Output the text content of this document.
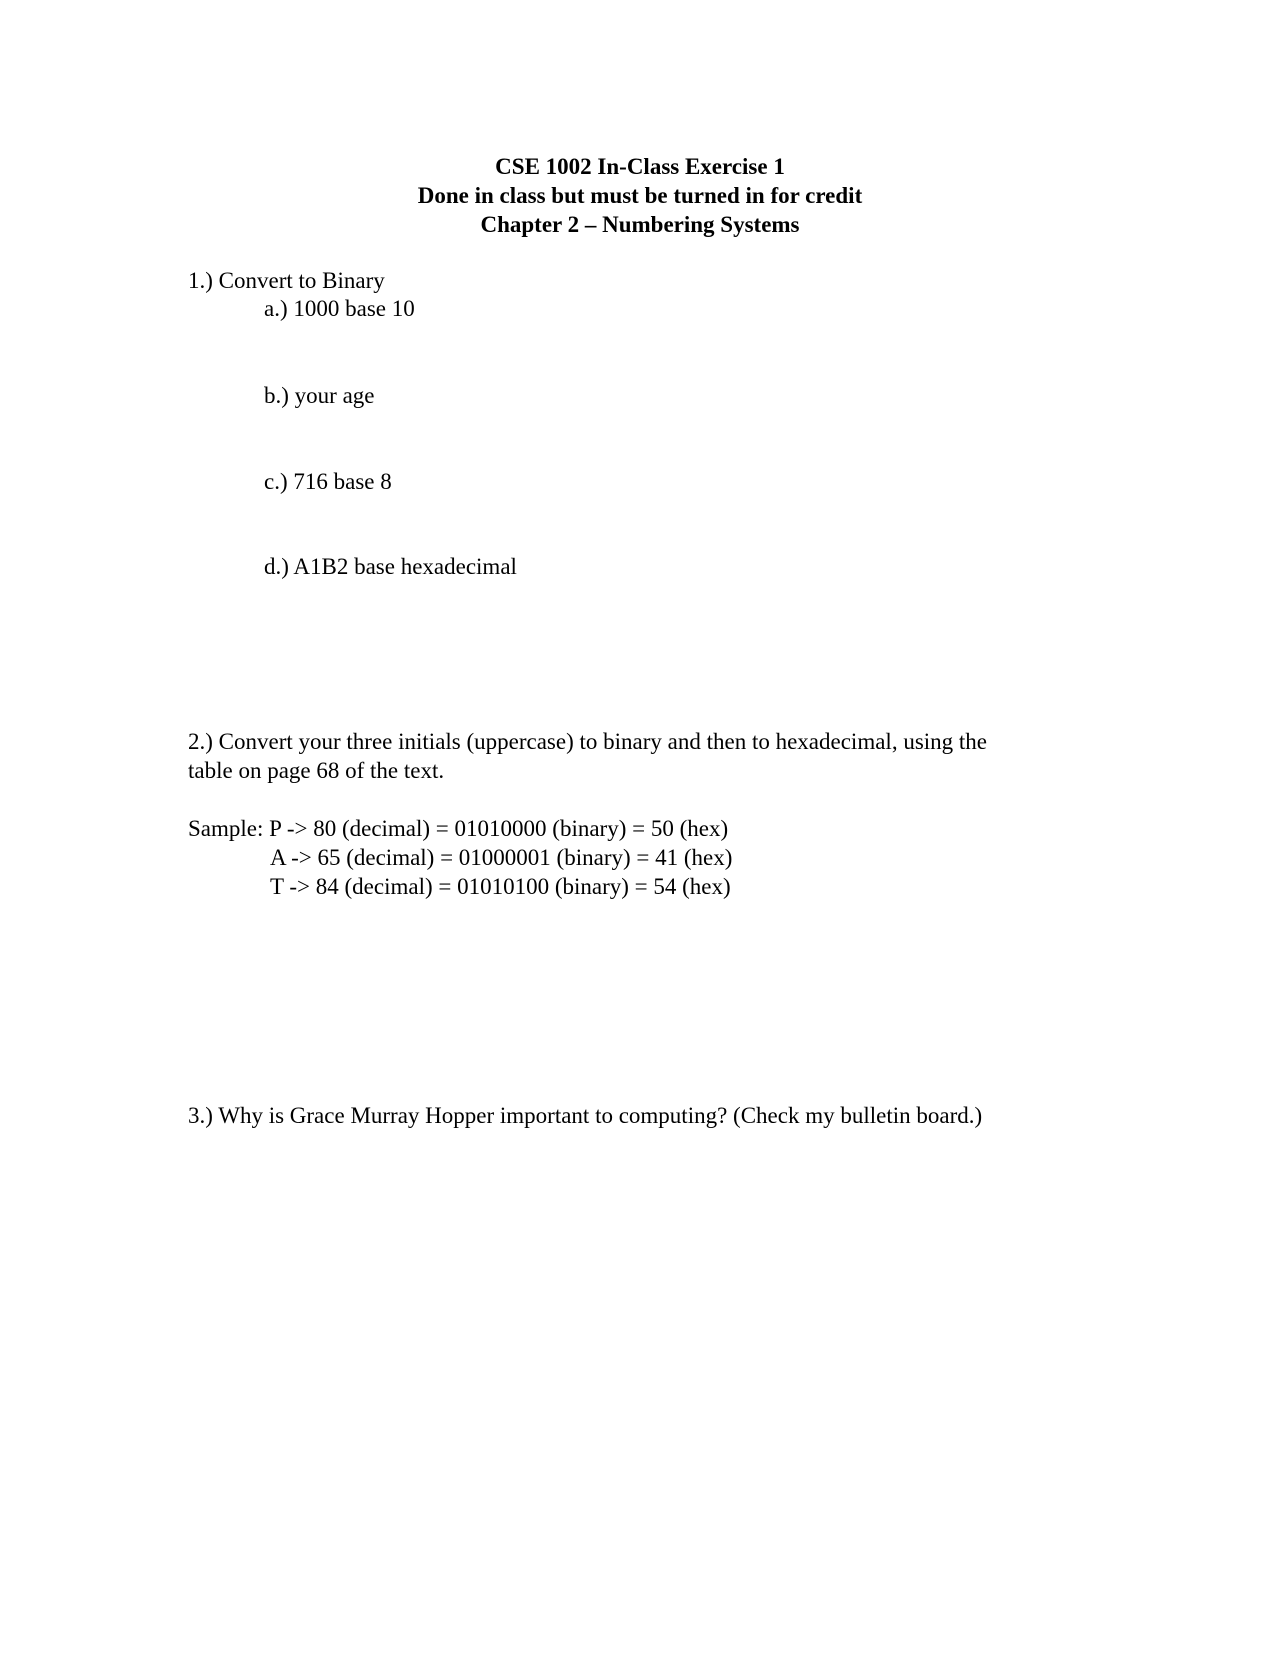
CSE 1002 In-Class Exercise 1
Done in class but must be turned in for credit
Chapter 2 – Numbering Systems
1.) Convert to Binary
a.) 1000 base 10
b.) your age
c.) 716 base 8
d.) A1B2 base hexadecimal
2.) Convert your three initials (uppercase) to binary and then to hexadecimal, using the
table on page 68 of the text.
Sample: P -> 80 (decimal) = 01010000 (binary) = 50 (hex)
A -> 65 (decimal) = 01000001 (binary) = 41 (hex)
T -> 84 (decimal) = 01010100 (binary) = 54 (hex)
3.) Why is Grace Murray Hopper important to computing? (Check my bulletin board.)
